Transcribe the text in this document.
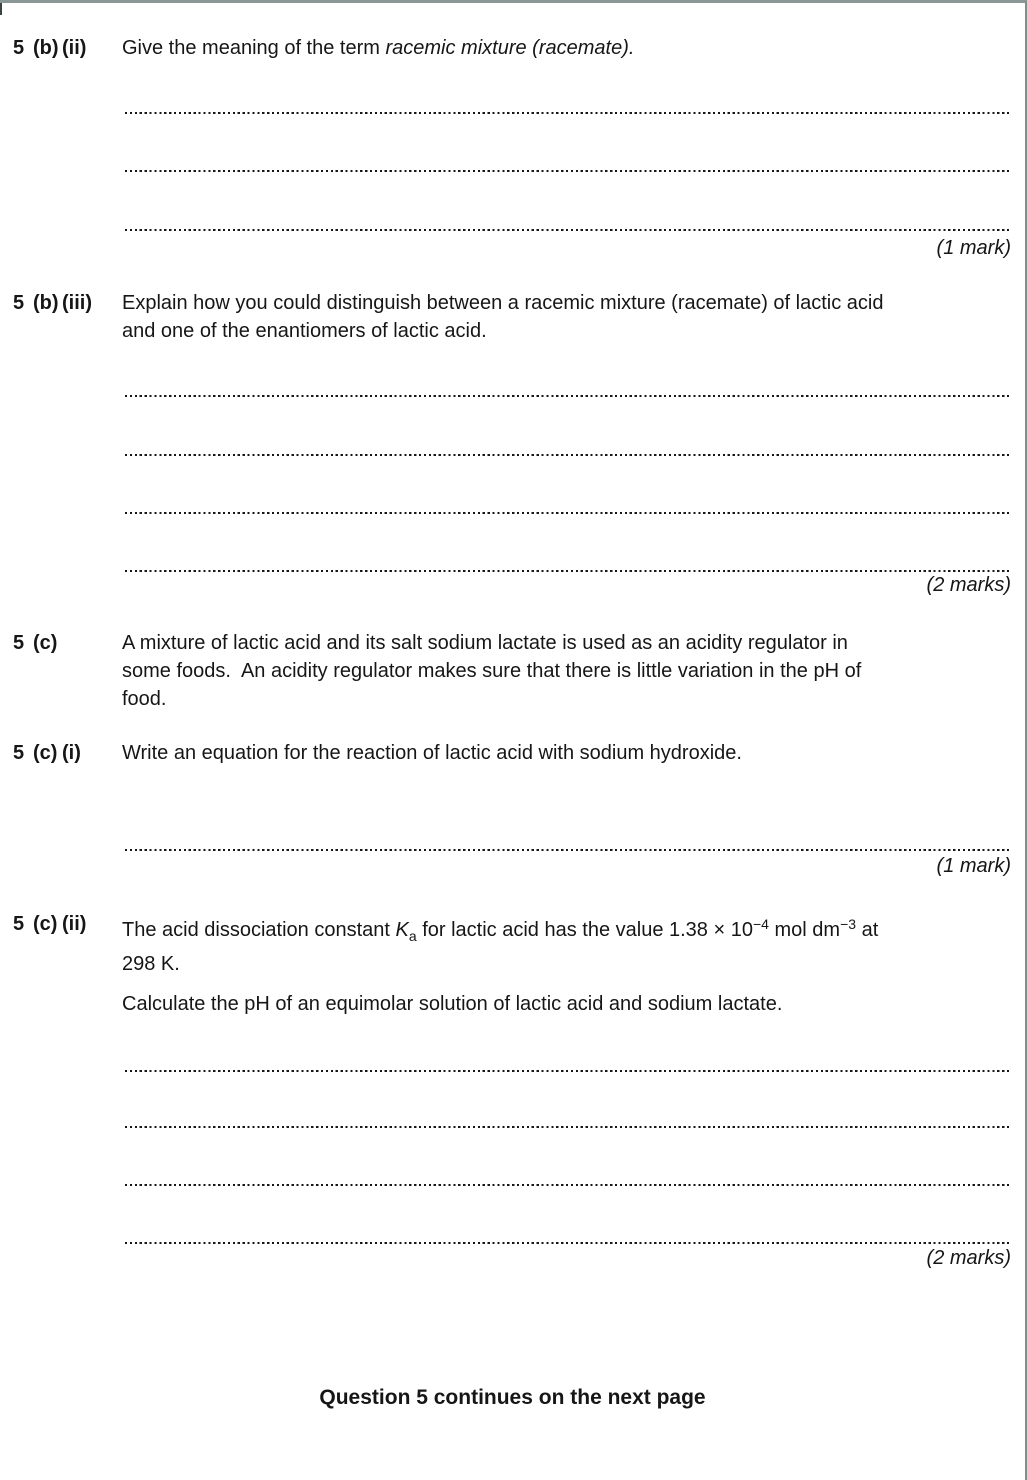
5 (b) (ii)	Give the meaning of the term racemic mixture (racemate).
(1 mark)
5 (b) (iii)	Explain how you could distinguish between a racemic mixture (racemate) of lactic acid
and one of the enantiomers of lactic acid.
(2 marks)
5 (c)	A mixture of lactic acid and its salt sodium lactate is used as an acidity regulator in
some foods.  An acidity regulator makes sure that there is little variation in the pH of
food.
5 (c) (i)	Write an equation for the reaction of lactic acid with sodium hydroxide.
(1 mark)
5 (c) (ii)	The acid dissociation constant $K_a$ for lactic acid has the value $1.38 \times 10^{-4}$ mol $dm^{-3}$ at
298 K.
Calculate the pH of an equimolar solution of lactic acid and sodium lactate.
(2 marks)
Question 5 continues on the next page
